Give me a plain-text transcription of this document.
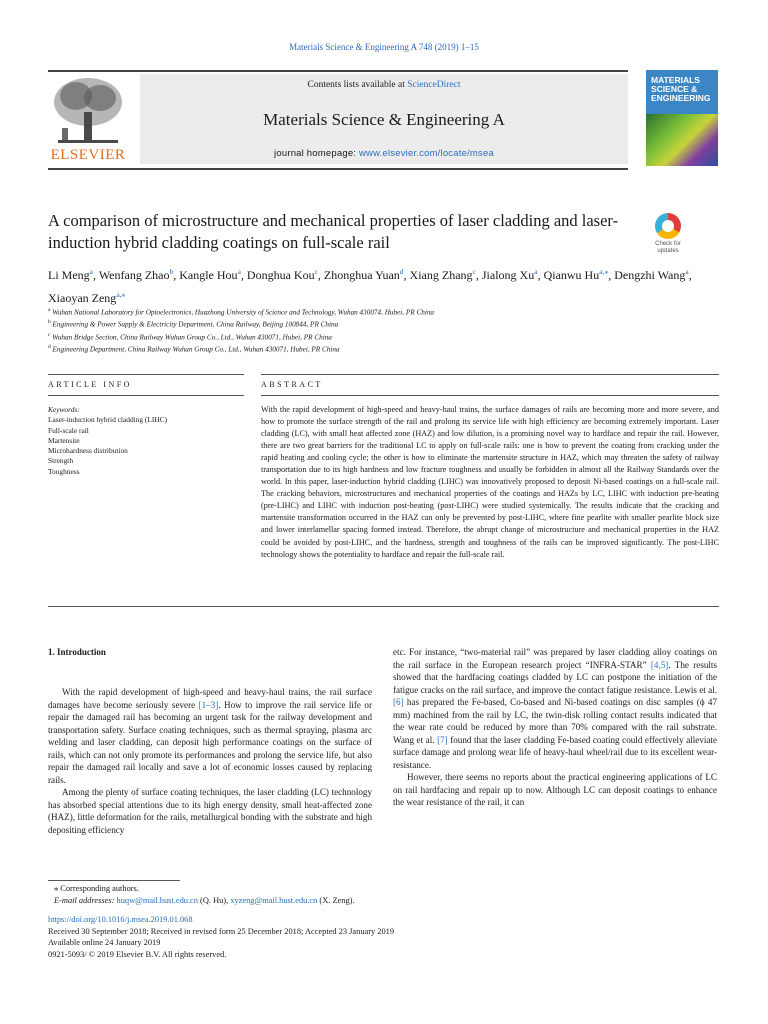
Materials Science & Engineering A 748 (2019) 1–15
ELSEVIER
Contents lists available at ScienceDirect
Materials Science & Engineering A
journal homepage: www.elsevier.com/locate/msea
MATERIALS SCIENCE & ENGINEERING
A comparison of microstructure and mechanical properties of laser cladding and laser-induction hybrid cladding coatings on full-scale rail	Check for
updates
Li Meng$^a$, Wenfang Zhao$^b$, Kangle Hou$^a$, Donghua Kou$^c$, Zhonghua Yuan$^d$, Xiang Zhang$^c$, Jialong Xu$^a$, Qianwu $Hu^{a,⁎}$, Dengzhi Wang$^a$, Xiaoyan Zeng$^{a,⁎}$
$^a$ Wuhan National Laboratory for Optoelectronics, Huazhong University of Science and Technology, Wuhan 430074, Hubei, PR China
$^b$ Engineering & Power Supply & Electricity Department, China Railway, Beijing 100844, PR China
$^c$ Wuhan Bridge Section, China Railway Wuhan Group Co., Ltd., Wuhan 430071, Hubei, PR China
$^d$ Engineering Department, China Railway Wuhan Group Co., Ltd., Wuhan 430071, Hubei, PR China
ARTICLE INFO	ABSTRACT
Keywords:
Laser-induction hybrid cladding (LIHC)
Full-scale rail
Martensite
Microhardness distribution
Strength
Toughness
With the rapid development of high-speed and heavy-haul trains, the surface damages of rails are becoming more and more severe, and how to promote the surface strength of the rail and prolong its service life with high efficiency are becoming extremely important. Laser cladding (LC), with small heat affected zone (HAZ) and low dilution, is a promising novel way to hardface and repair the rail. However, there are two great barriers for the traditional LC to apply on full-scale rails: one is how to prevent the coating from cracking under the rapid heating and cooling cycle; the other is how to eliminate the martensite structure in HAZ, which may threaten the safety of railway transportation due to its high hardness and low fracture toughness and usually be forbidden in almost all the Railway Standards over the world. In this paper, laser-induction hybrid cladding (LIHC) was innovatively proposed to deposit Ni-based coatings on a full-scale rail. The cracking behaviors, microstructures and mechanical properties of the coatings and HAZs by LC, LIHC with induction pre-heating (pre-LIHC) and LIHC with induction post-heating (post-LIHC) were studied systemically. The results indicate that the cracking and martensite transformation occurred in the HAZ can only be prevented by post-LIHC, where fine pearlite with smaller pearlite block size and lower interlamellar spacing formed instead. Therefore, the abrupt change of microstructure and mechanical properties in the HAZ could be avoided by post-LIHC, and the hardness, strength and toughness of the rails can be improved significantly. The post-LIHC technology shows the potentiality to hardface and repair the full-scale rail.
1. Introduction

With the rapid development of high-speed and heavy-haul trains, the rail surface damages have become seriously severe [1–3]. How to improve the rail service life or repair the damaged rail has becoming an urgent task for the railway development and transportation safety. Surface coating techniques, such as thermal spraying, plasma arc welding and laser cladding, can deposit high performance coatings on the surface of rails, which can not only promote its performances and prolong the service life, but also repair the damaged rail locally and save a lot of economic losses caused by replacing rails.

Among the plenty of surface coating techniques, the laser cladding (LC) technology has absorbed special attentions due to its high energy density, small heat-affected zone (HAZ), little deformation for the rails, metallurgical bonding with the substrate and high depositing efficiency

etc. For instance, “two-material rail” was prepared by laser cladding alloy coatings on the rail surface in the European research project “INFRA-STAR” [4,5]. The results showed that the hardfacing coatings cladded by LC can postpone the initiation of the fatigue cracks on the rail surface, and improve the contact fatigue resistance. Lewis et al.[6] has prepared the Fe-based, Co-based and Ni-based coatings on disc samples (ϕ 47 mm) machined from the rail by LC, the twin-disk rolling contact results indicated that the wear rate could be reduced by more than 70% compared with the rail substrate. Wang et al. [7] found that the laser cladding Fe-based coating could effectively alleviate surface damage and prolong wear life of heavy-haul wheel/rail due to its excellent wear-resistance.

However, there seems no reports about the practical engineering applications of LC on rail hardfacing and repair up to now. Although LC can deposit coatings to enhance the wear resistance of the rail, it can

⁎ Corresponding authors.
E-mail addresses: huqw@mail.hust.edu.cn (Q. Hu), xyzeng@mail.hust.edu.cn (X. Zeng).
https://doi.org/10.1016/j.msea.2019.01.068
Received 30 September 2018; Received in revised form 25 December 2018; Accepted 23 January 2019
Available online 24 January 2019
0921-5093/ © 2019 Elsevier B.V. All rights reserved.
